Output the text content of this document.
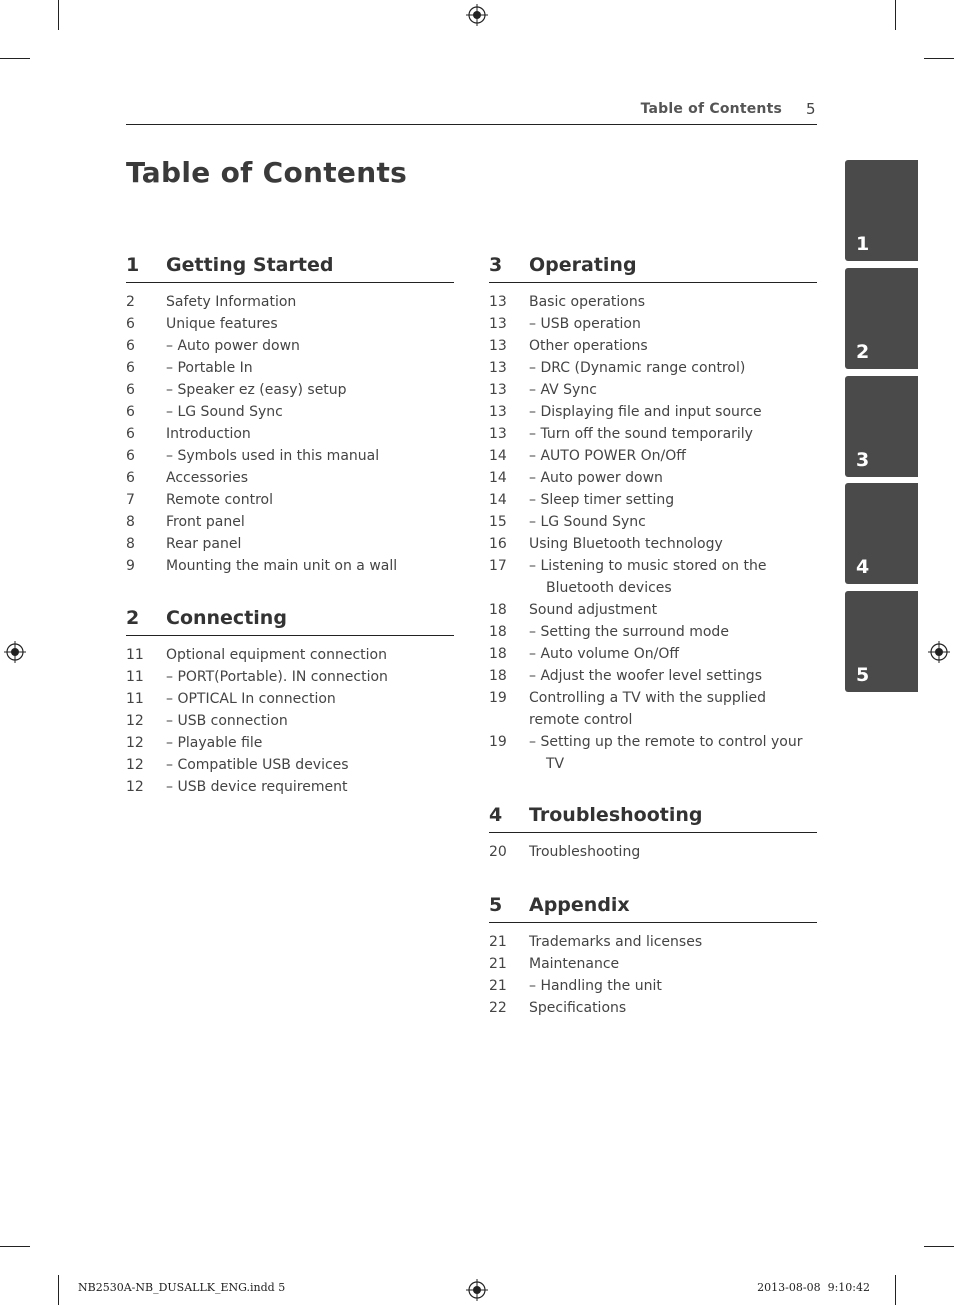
Table of Contents 5
Table of Contents
1 Getting Started
2 Safety Information
6 Unique features
6	– Auto power down
6	– Portable In
6	– Speaker ez (easy) setup
6	– LG Sound Sync
6 Introduction
6	– Symbols used in this manual
6 Accessories
7 Remote control
8 Front panel
8 Rear panel
9 Mounting the main unit on a wall
2 Connecting
11 Optional equipment connection
11 – PORT(Portable). IN connection
11 – OPTICAL In connection
12 – USB connection
12 – Playable file
12 – Compatible USB devices
12 – USB device requirement
3 Operating
13 Basic operations
13 – USB operation
13 Other operations
13 – DRC (Dynamic range control)
13 – AV Sync
13 – Displaying file and input source
13 – Turn off the sound temporarily
14 – AUTO POWER On/Off
14 – Auto power down
14 – Sleep timer setting
15 – LG Sound Sync
16 Using Bluetooth technology
17 – Listening to music stored on the Bluetooth devices
18 Sound adjustment
18 – Setting the surround mode
18 – Auto volume On/Off
18 – Adjust the woofer level settings
19 Controlling a TV with the supplied remote control
19 – Setting up the remote to control your TV
4 Troubleshooting
20 Troubleshooting
5 Appendix
21 Trademarks and licenses
21 Maintenance
21 – Handling the unit
22 Specifications
1
2
3
4
5
NB2530A-NB_DUSALLK_ENG.indd 5	2013-08-08 ￼￼ 9:10:42
